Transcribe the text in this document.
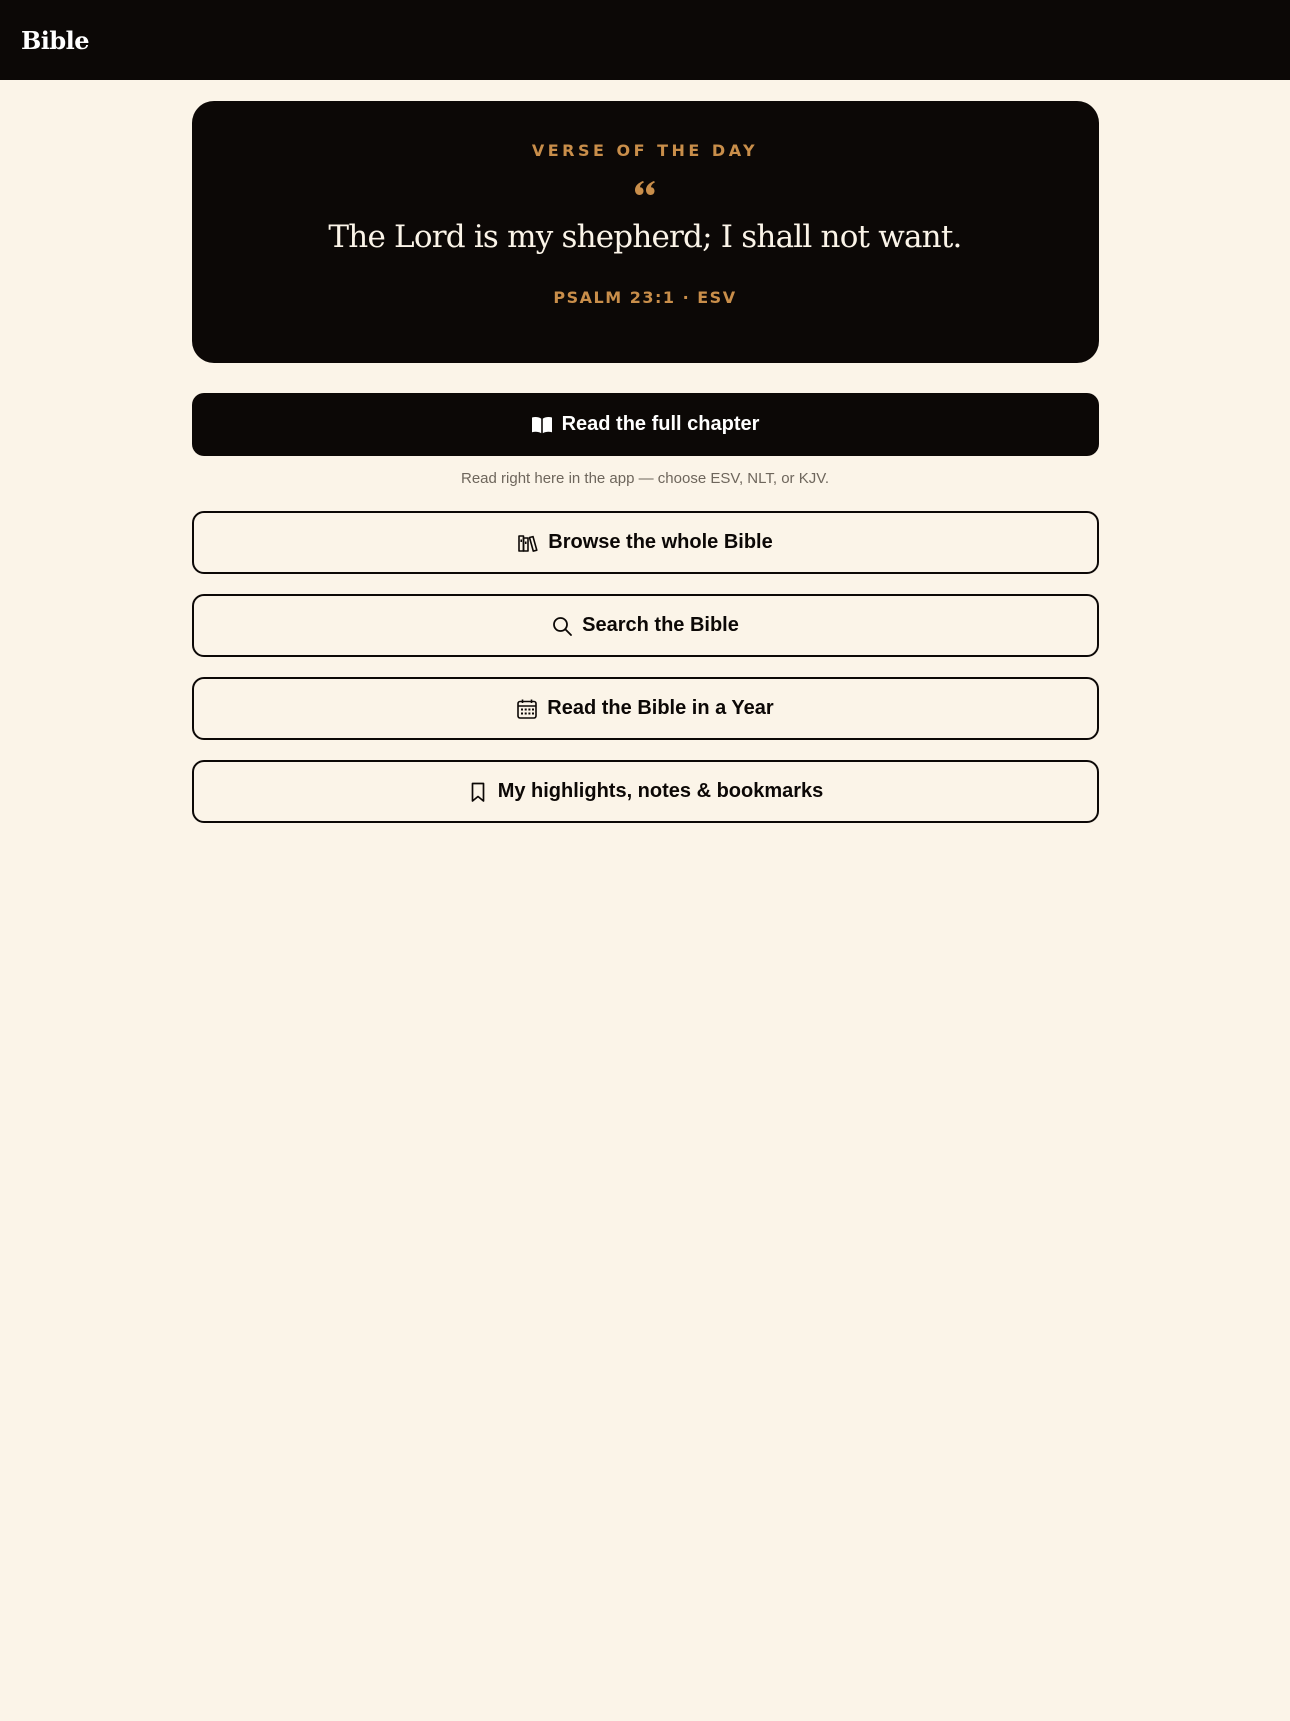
Bible
VERSE OF THE DAY
The Lord is my shepherd; I shall not want.
PSALM 23:1 · ESV
Read the full chapter
Read right here in the app — choose ESV, NLT, or KJV.
Browse the whole Bible
Search the Bible
Read the Bible in a Year
My highlights, notes & bookmarks
